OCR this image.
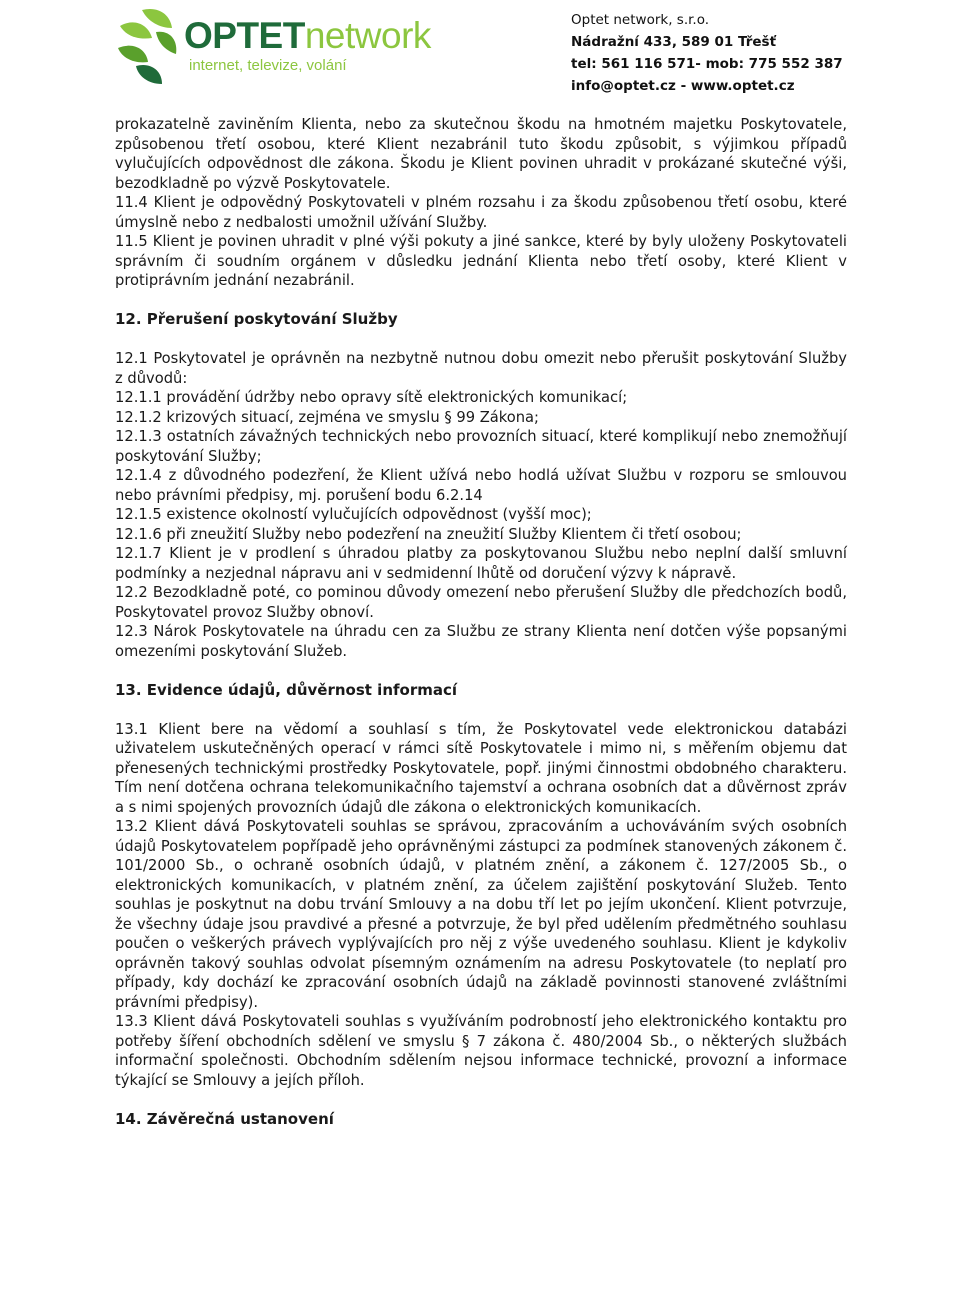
OPTETnetwork
internet, televize, volání
Optet network, s.r.o.
Nádražní 433, 589 01 Třešť
tel: 561 116 571- mob: 775 552 387
info@optet.cz - www.optet.cz

prokazatelně zaviněním Klienta, nebo za skutečnou škodu na hmotném majetku Poskytovatele, způsobenou třetí osobou, které Klient nezabránil tuto škodu způsobit, s výjimkou případů vylučujících odpovědnost dle zákona. Škodu je Klient povinen uhradit v prokázané skutečné výši, bezodkladně po výzvě Poskytovatele.

11.4 Klient je odpovědný Poskytovateli v plném rozsahu i za škodu způsobenou třetí osobu, které úmyslně nebo z nedbalosti umožnil užívání Služby.

11.5 Klient je povinen uhradit v plné výši pokuty a jiné sankce, které by byly uloženy Poskytovateli správním či soudním orgánem v důsledku jednání Klienta nebo třetí osoby, které Klient v protiprávním jednání nezabránil.

12. Přerušení poskytování Služby

12.1 Poskytovatel je oprávněn na nezbytně nutnou dobu omezit nebo přerušit poskytování Služby z důvodů:

12.1.1 provádění údržby nebo opravy sítě elektronických komunikací;

12.1.2 krizových situací, zejména ve smyslu § 99 Zákona;

12.1.3 ostatních závažných technických nebo provozních situací, které komplikují nebo znemožňují poskytování Služby;

12.1.4 z důvodného podezření, že Klient užívá nebo hodlá užívat Službu v rozporu se smlouvou nebo právními předpisy, mj. porušení bodu 6.2.14

12.1.5 existence okolností vylučujících odpovědnost (vyšší moc);

12.1.6 při zneužití Služby nebo podezření na zneužití Služby Klientem či třetí osobou;

12.1.7 Klient je v prodlení s úhradou platby za poskytovanou Službu nebo neplní další smluvní podmínky a nezjednal nápravu ani v sedmidenní lhůtě od doručení výzvy k nápravě.

12.2 Bezodkladně poté, co pominou důvody omezení nebo přerušení Služby dle předchozích bodů, Poskytovatel provoz Služby obnoví.

12.3 Nárok Poskytovatele na úhradu cen za Službu ze strany Klienta není dotčen výše popsanými omezeními poskytování Služeb.

13. Evidence údajů, důvěrnost informací

13.1 Klient bere na vědomí a souhlasí s tím, že Poskytovatel vede elektronickou databázi uživatelem uskutečněných operací v rámci sítě Poskytovatele i mimo ni, s měřením objemu dat přenesených technickými prostředky Poskytovatele, popř. jinými činnostmi obdobného charakteru. Tím není dotčena ochrana telekomunikačního tajemství a ochrana osobních dat a důvěrnost zpráv a s nimi spojených provozních údajů dle zákona o elektronických komunikacích.

13.2 Klient dává Poskytovateli souhlas se správou, zpracováním a uchováváním svých osobních údajů Poskytovatelem popřípadě jeho oprávněnými zástupci za podmínek stanovených zákonem č. 101/2000 Sb., o ochraně osobních údajů, v platném znění, a zákonem č. 127/2005 Sb., o elektronických komunikacích, v platném znění, za účelem zajištění poskytování Služeb. Tento souhlas je poskytnut na dobu trvání Smlouvy a na dobu tří let po jejím ukončení. Klient potvrzuje, že všechny údaje jsou pravdivé a přesné a potvrzuje, že byl před udělením předmětného souhlasu poučen o veškerých právech vyplývajících pro něj z výše uvedeného souhlasu. Klient je kdykoliv oprávněn takový souhlas odvolat písemným oznámením na adresu Poskytovatele (to neplatí pro případy, kdy dochází ke zpracování osobních údajů na základě povinnosti stanovené zvláštními právními předpisy).

13.3 Klient dává Poskytovateli souhlas s využíváním podrobností jeho elektronického kontaktu pro potřeby šíření obchodních sdělení ve smyslu § 7 zákona č. 480/2004 Sb., o některých službách informační společnosti. Obchodním sdělením nejsou informace technické, provozní a informace týkající se Smlouvy a jejích příloh.

14. Závěrečná ustanovení
